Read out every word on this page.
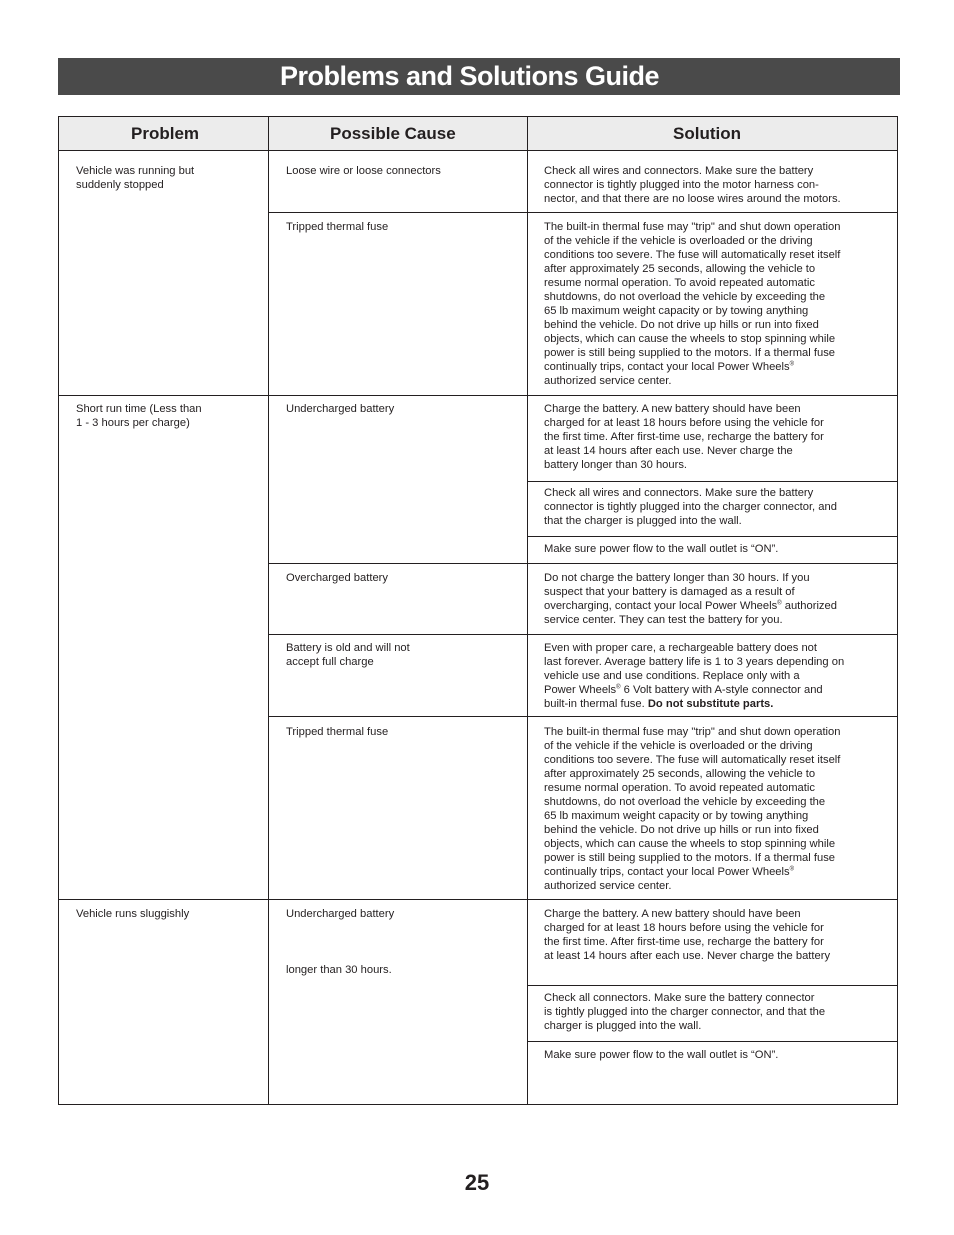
Problems and Solutions Guide
Problem	Possible Cause	Solution
Vehicle was running but
suddenly stopped
Short run time (Less than
1 - 3 hours per charge)
Vehicle runs sluggishly
Loose wire or loose connectors
Tripped thermal fuse
Undercharged battery
Overcharged battery
Battery is old and will not
accept full charge
Tripped thermal fuse
Undercharged battery
longer than 30 hours.
Check all wires and connectors. Make sure the battery
connector is tightly plugged into the motor harness con-
nector, and that there are no loose wires around the motors.
The built-in thermal fuse may "trip" and shut down operation
of the vehicle if the vehicle is overloaded or the driving
conditions too severe. The fuse will automatically reset itself
after approximately 25 seconds, allowing the vehicle to
resume normal operation. To avoid repeated automatic
shutdowns, do not overload the vehicle by exceeding the
65 lb maximum weight capacity or by towing anything
behind the vehicle. Do not drive up hills or run into fixed
objects, which can cause the wheels to stop spinning while
power is still being supplied to the motors. If a thermal fuse
continually trips, contact your local Power Wheels®
authorized service center.
Charge the battery. A new battery should have been
charged for at least 18 hours before using the vehicle for
the first time. After first-time use, recharge the battery for
at least 14 hours after each use. Never charge the
battery longer than 30 hours.
Check all wires and connectors. Make sure the battery
connector is tightly plugged into the charger connector, and
that the charger is plugged into the wall.
Make sure power flow to the wall outlet is “ON”.
Do not charge the battery longer than 30 hours. If you
suspect that your battery is damaged as a result of
overcharging, contact your local Power Wheels® authorized
service center. They can test the battery for you.
Even with proper care, a rechargeable battery does not
last forever. Average battery life is 1 to 3 years depending on
vehicle use and use conditions. Replace only with a
Power Wheels® 6 Volt battery with A-style connector and
built-in thermal fuse. Do not substitute parts.
The built-in thermal fuse may "trip" and shut down operation
of the vehicle if the vehicle is overloaded or the driving
conditions too severe. The fuse will automatically reset itself
after approximately 25 seconds, allowing the vehicle to
resume normal operation. To avoid repeated automatic
shutdowns, do not overload the vehicle by exceeding the
65 lb maximum weight capacity or by towing anything
behind the vehicle. Do not drive up hills or run into fixed
objects, which can cause the wheels to stop spinning while
power is still being supplied to the motors. If a thermal fuse
continually trips, contact your local Power Wheels®
authorized service center.
Charge the battery. A new battery should have been
charged for at least 18 hours before using the vehicle for
the first time. After first-time use, recharge the battery for
at least 14 hours after each use. Never charge the battery
Check all connectors. Make sure the battery connector
is tightly plugged into the charger connector, and that the
charger is plugged into the wall.
Make sure power flow to the wall outlet is “ON”.
25
